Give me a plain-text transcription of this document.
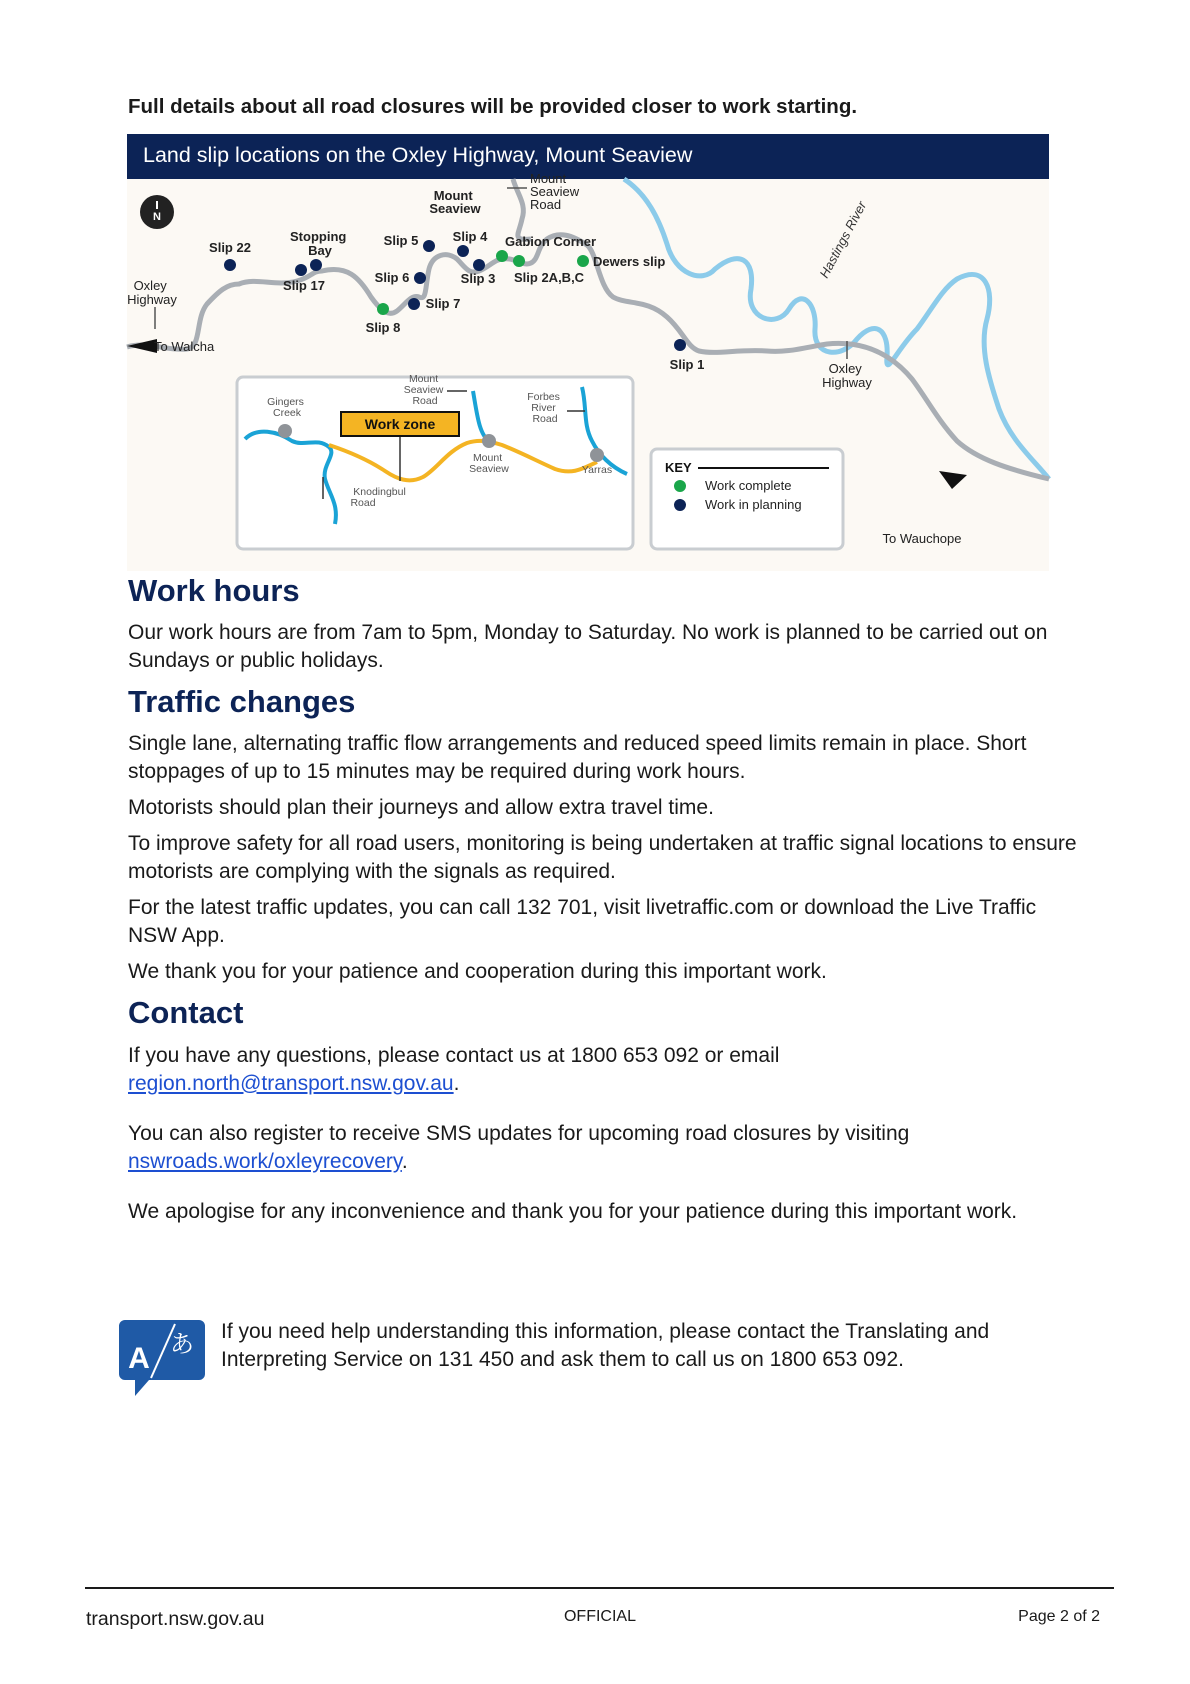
Full details about all road closures will be provided closer to work starting.

Land slip locations on the Oxley Highway, Mount Seaview
N
Oxley Highway
To Walcha
Slip 22
Stopping Bay
Slip 17
Mount Seaview
Mount Seaview Road
Slip 5	Slip 4
Slip 6	Slip 3
Slip 7
Slip 8
Gabion Corner
Slip 2A,B,C
Dewers slip	Hastings River
Slip 1	Oxley Highway
To Wauchope
Work zone
Gingers Creek
Mount Seaview Road	Forbes River Road
Mount Seaview
Knodingbul Road
Yarras	KEY
Work complete
Work in planning
Work hours

Our work hours are from 7am to 5pm, Monday to Saturday. No work is planned to be carried out on Sundays or public holidays.

Traffic changes

Single lane, alternating traffic flow arrangements and reduced speed limits remain in place. Short stoppages of up to 15 minutes may be required during work hours.

Motorists should plan their journeys and allow extra travel time.

To improve safety for all road users, monitoring is being undertaken at traffic signal locations to ensure motorists are complying with the signals as required.

For the latest traffic updates, you can call 132 701, visit livetraffic.com or download the Live Traffic NSW App.

We thank you for your patience and cooperation during this important work.

Contact

If you have any questions, please contact us at 1800 653 092 or email region.north@transport.nsw.gov.au.

You can also register to receive SMS updates for upcoming road closures by visiting nswroads.work/oxleyrecovery.

We apologise for any inconvenience and thank you for your patience during this important work.

A あ If you need help understanding this information, please contact the Translating and Interpreting Service on 131 450 and ask them to call us on 1800 653 092.

transport.nsw.gov.au	OFFICIAL	Page 2 of 2
